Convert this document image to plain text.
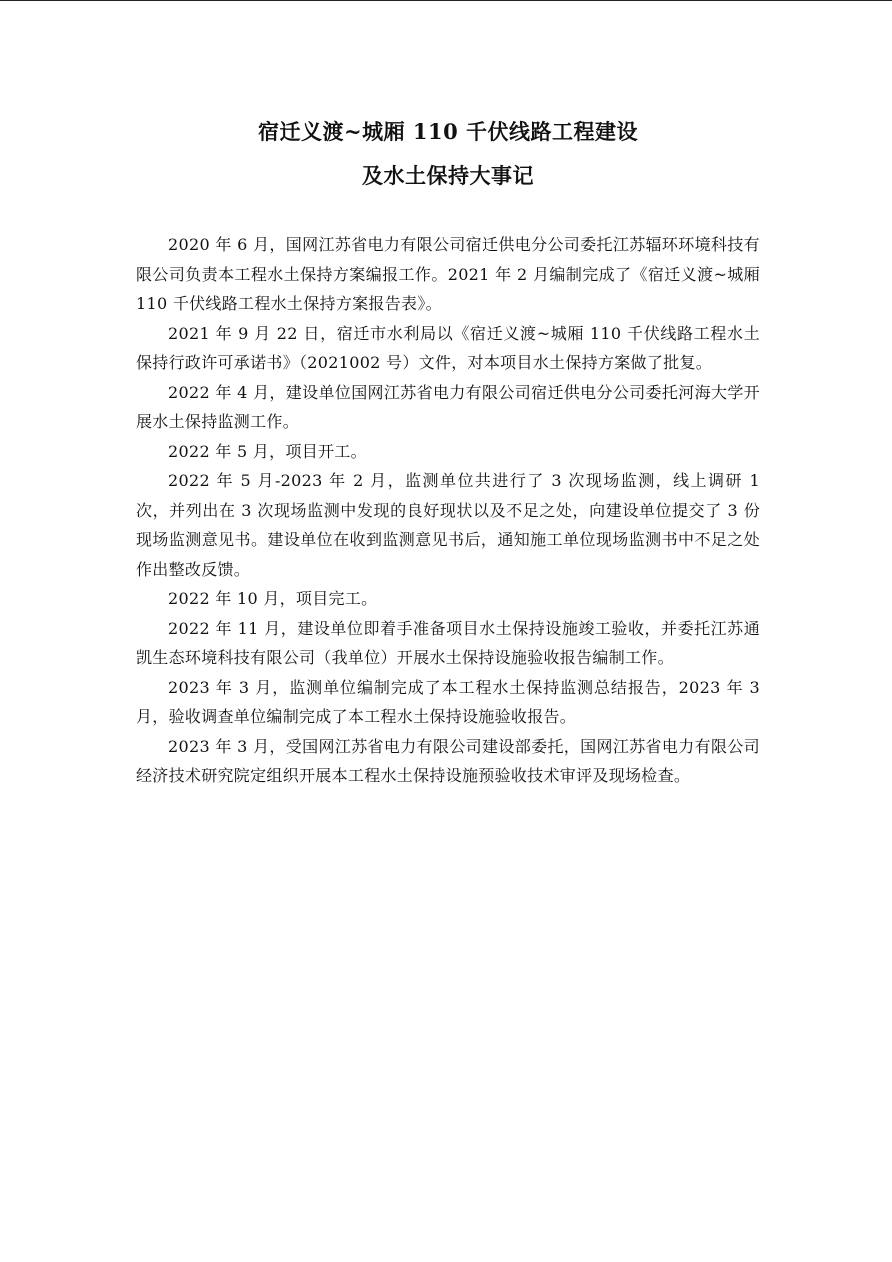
宿迁义渡~城厢 110 千伏线路工程建设

及水土保持大事记

2020 年 6 月，国网江苏省电力有限公司宿迁供电分公司委托江苏辐环环境科技有限公司负责本工程水土保持方案编报工作。2021 年 2 月编制完成了《宿迁义渡~城厢 110 千伏线路工程水土保持方案报告表》。

2021 年 9 月 22 日，宿迁市水利局以《宿迁义渡~城厢 110 千伏线路工程水土保持行政许可承诺书》（2021002 号）文件，对本项目水土保持方案做了批复。

2022 年 4 月，建设单位国网江苏省电力有限公司宿迁供电分公司委托河海大学开展水土保持监测工作。

2022 年 5 月，项目开工。

2022 年 5 月-2023 年 2 月，监测单位共进行了 3 次现场监测，线上调研 1 次，并列出在 3 次现场监测中发现的良好现状以及不足之处，向建设单位提交了 3 份现场监测意见书。建设单位在收到监测意见书后，通知施工单位现场监测书中不足之处作出整改反馈。

2022 年 10 月，项目完工。

2022 年 11 月，建设单位即着手准备项目水土保持设施竣工验收，并委托江苏通凯生态环境科技有限公司（我单位）开展水土保持设施验收报告编制工作。

2023 年 3 月，监测单位编制完成了本工程水土保持监测总结报告，2023 年 3 月，验收调查单位编制完成了本工程水土保持设施验收报告。

2023 年 3 月，受国网江苏省电力有限公司建设部委托，国网江苏省电力有限公司经济技术研究院定组织开展本工程水土保持设施预验收技术审评及现场检查。
